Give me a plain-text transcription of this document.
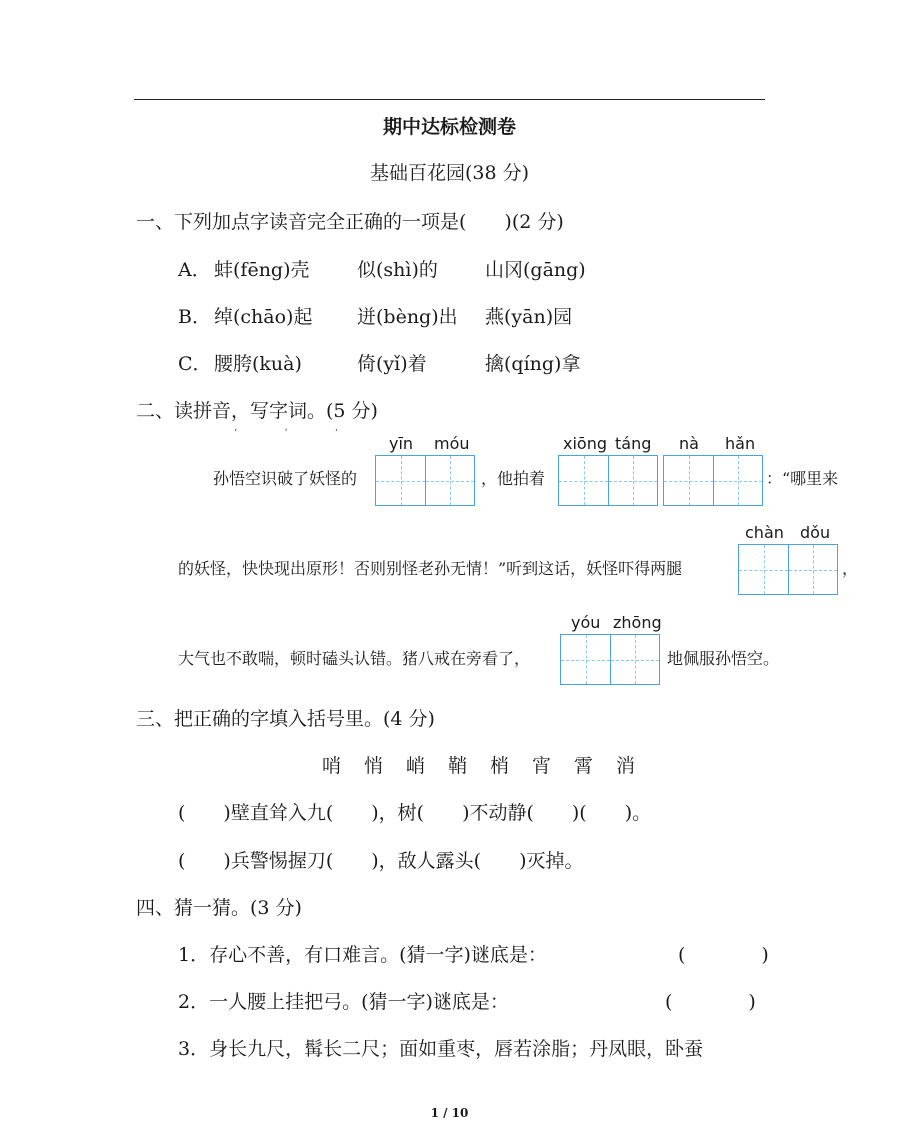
期中达标检测卷
基础百花园(38 分)
一、下列加点字读音完全正确的一项是(　　)(2 分)
A． 蚌(fēng)壳 似(shì)的 山冈(gāng)
B． 绰(chāo)起 迸(bèng)出 燕(yān)园
C． 腰胯(kuà)	倚(yǐ)着	擒(qíng)拿
二、读拼音，写字词。(5 分)
‘ ‘ ‘
yīn móu	xiōng táng nà hǎn
孙悟空识破了妖怪的	，他拍着	：“哪里来
chàn dǒu
的妖怪，快快现出原形！否则别怪老孙无情！”听到这话，妖怪吓得两腿	，
yóu zhōng
大气也不敢喘，顿时磕头认错。猪八戒在旁看了，	地佩服孙悟空。
三、把正确的字填入括号里。(4 分)
哨　悄　峭　鞘　梢　宵　霄　消
(　　)壁直耸入九(　　)，树(　　)不动静(　　)(　　)。
(　　)兵警惕握刀(　　)，敌人露头(　　)灭掉。
四、猜一猜。(3 分)
1．存心不善，有口难言。(猜一字)谜底是：	(　　　　)
2．一人腰上挂把弓。(猜一字)谜底是：	(　　　　)
3．身长九尺，髯长二尺；面如重枣，唇若涂脂；丹凤眼，卧蚕
1 / 10
